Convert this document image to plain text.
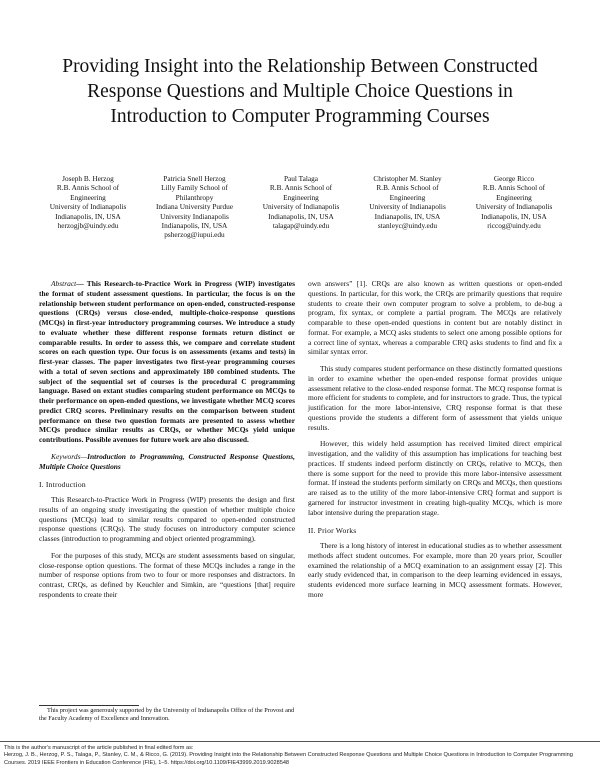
Providing Insight into the Relationship Between Constructed Response Questions and Multiple Choice Questions in Introduction to Computer Programming Courses
Joseph B. Herzog
R.B. Annis School of
Engineering
University of Indianapolis
Indianapolis, IN, USA
herzogjb@uindy.edu
Patricia Snell Herzog
Lilly Family School of
Philanthropy
Indiana University Purdue
University Indianapolis
Indianapolis, IN, USA
psherzog@iupui.edu
Paul Talaga
R.B. Annis School of
Engineering
University of Indianapolis
Indianapolis, IN, USA
talagap@uindy.edu
Christopher M. Stanley
R.B. Annis School of
Engineering
University of Indianapolis
Indianapolis, IN, USA
stanleyc@uindy.edu
George Ricco
R.B. Annis School of
Engineering
University of Indianapolis
Indianapolis, IN, USA
riccog@uindy.edu

Abstract— This Research-to-Practice Work in Progress (WIP) investigates the format of student assessment questions. In particular, the focus is on the relationship between student performance on open-ended, constructed-response questions (CRQs) versus close-ended, multiple-choice-response questions (MCQs) in first-year introductory programming courses. We introduce a study to evaluate whether these different response formats return distinct or comparable results. In order to assess this, we compare and correlate student scores on each question type. Our focus is on assessments (exams and tests) in first-year classes. The paper investigates two first-year programming courses with a total of seven sections and approximately 180 combined students. The subject of the sequential set of courses is the procedural C programming language. Based on extant studies comparing student performance on MCQs to their performance on open-ended questions, we investigate whether MCQ scores predict CRQ scores. Preliminary results on the comparison between student performance on these two question formats are presented to assess whether MCQs produce similar results as CRQs, or whether MCQs yield unique contributions. Possible avenues for future work are also discussed.

Keywords—Introduction to Programming, Constructed Response Questions, Multiple Choice Questions

I. Introduction

This Research-to-Practice Work in Progress (WIP) presents the design and first results of an ongoing study investigating the question of whether multiple choice questions (MCQs) lead to similar results compared to open-ended constructed response questions (CRQs). The study focuses on introductory computer science classes (introduction to programming and object oriented programming).

For the purposes of this study, MCQs are student assessments based on singular, close-response option questions. The format of these MCQs includes a range in the number of response options from two to four or more responses and distractors. In contrast, CRQs, as defined by Keuchler and Simkin, are “questions [that] require respondents to create their

own answers” [1]. CRQs are also known as written questions or open-ended questions. In particular, for this work, the CRQs are primarily questions that require students to create their own computer program to solve a problem, to de-bug a program, fix syntax, or complete a partial program. The MCQs are relatively comparable to these open-ended questions in content but are notably distinct in format. For example, a MCQ asks students to select one among possible options for a correct line of syntax, whereas a comparable CRQ asks students to find and fix a similar syntax error.

This study compares student performance on these distinctly formatted questions in order to examine whether the open-ended response format provides unique assessment relative to the close-ended response format. The MCQ response format is more efficient for students to complete, and for instructors to grade. Thus, the typical justification for the more labor-intensive, CRQ response format is that these questions provide the students a different form of assessment that yields unique results.

However, this widely held assumption has received limited direct empirical investigation, and the validity of this assumption has implications for teaching best practices. If students indeed perform distinctly on CRQs, relative to MCQs, then there is some support for the need to provide this more labor-intensive assessment format. If instead the students perform similarly on CRQs and MCQs, then questions are raised as to the utility of the more labor-intensive CRQ format and support is garnered for instructor investment in creating high-quality MCQs, which is more labor intensive during the preparation stage.

II. Prior Works

There is a long history of interest in educational studies as to whether assessment methods affect student outcomes. For example, more than 20 years prior, Scouller examined the relationship of a MCQ examination to an assignment essay [2]. This early study evidenced that, in comparison to the deep learning evidenced in essays, students evidenced more surface learning in MCQ assessment formats. However, more

This project was generously supported by the University of Indianapolis Office of the Provost and the Faculty Academy of Excellence and Innovation.
This is the author's manuscript of the article published in final edited form as:
Herzog, J. B., Herzog, P. S., Talaga, P., Stanley, C. M., & Ricco, G. (2019). Providing Insight into the Relationship Between Constructed Response Questions and Multiple Choice Questions in Introduction to Computer Programming Courses. 2019 IEEE Frontiers in Education Conference (FIE), 1–5. https://doi.org/10.1109/FIE43999.2019.9028548
